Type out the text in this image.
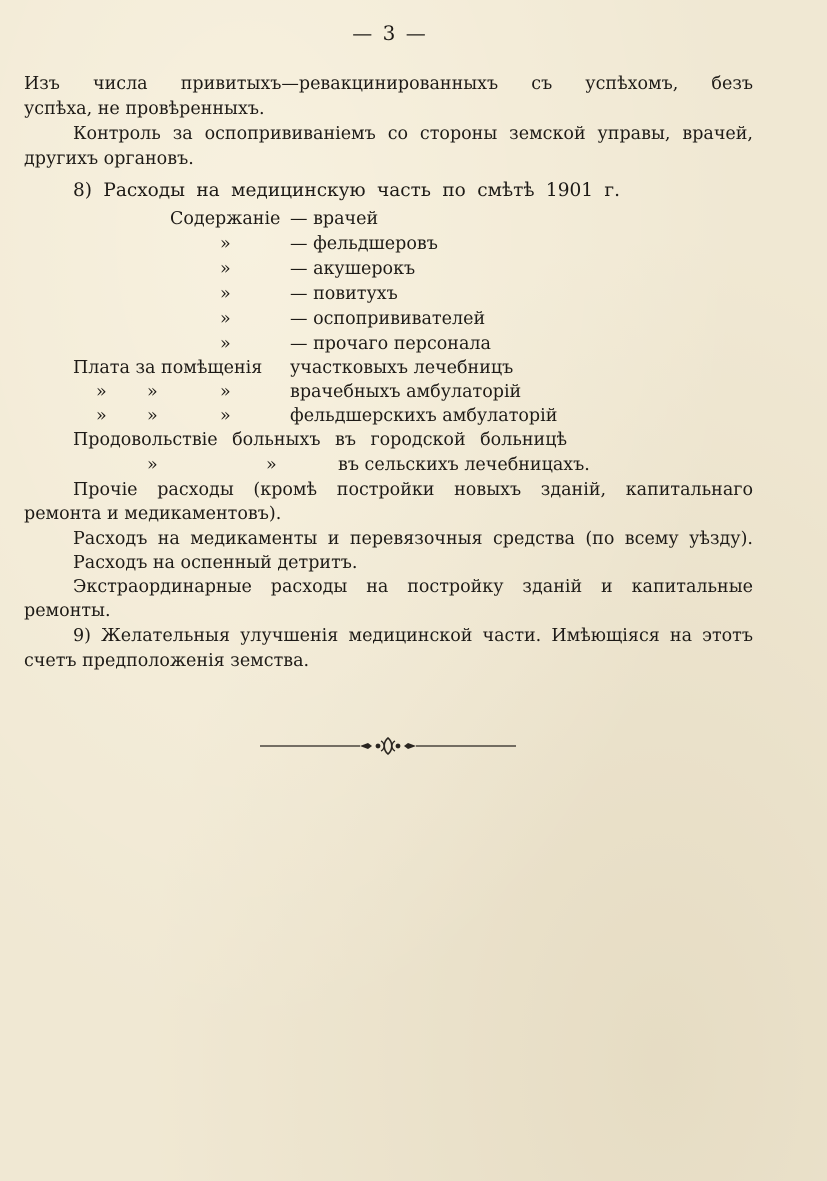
— 3 —
Изъ числа привитыхъ—ревакцинированныхъ съ успѣхомъ, безъ
успѣха, не провѣренныхъ.
Контроль за оспопрививаніемъ со стороны земской управы, врачей,
другихъ органовъ.
8) Расходы на медицинскую часть по смѣтѣ 1901 г.
Содержаніе — врачей
»	— фельдшеровъ
»	— акушерокъ
»	— повитухъ
»	— оспопрививателей
»	— прочаго персонала
Плата за помѣщенія участковыхъ лечебницъ
» »	»	врачебныхъ амбулаторій
» »	»	фельдшерскихъ амбулаторій
Продовольствіе больныхъ въ городской больницѣ
»	»	въ сельскихъ лечебницахъ.
Прочіе расходы (кромѣ постройки новыхъ зданій, капитальнаго
ремонта и медикаментовъ).
Расходъ на медикаменты и перевязочныя средства (по всему уѣзду).
Расходъ на оспенный детритъ.
Экстраординарные расходы на постройку зданій и капитальные
ремонты.
9) Желательныя улучшенія медицинской части. Имѣющіяся на этотъ
счетъ предположенія земства.
